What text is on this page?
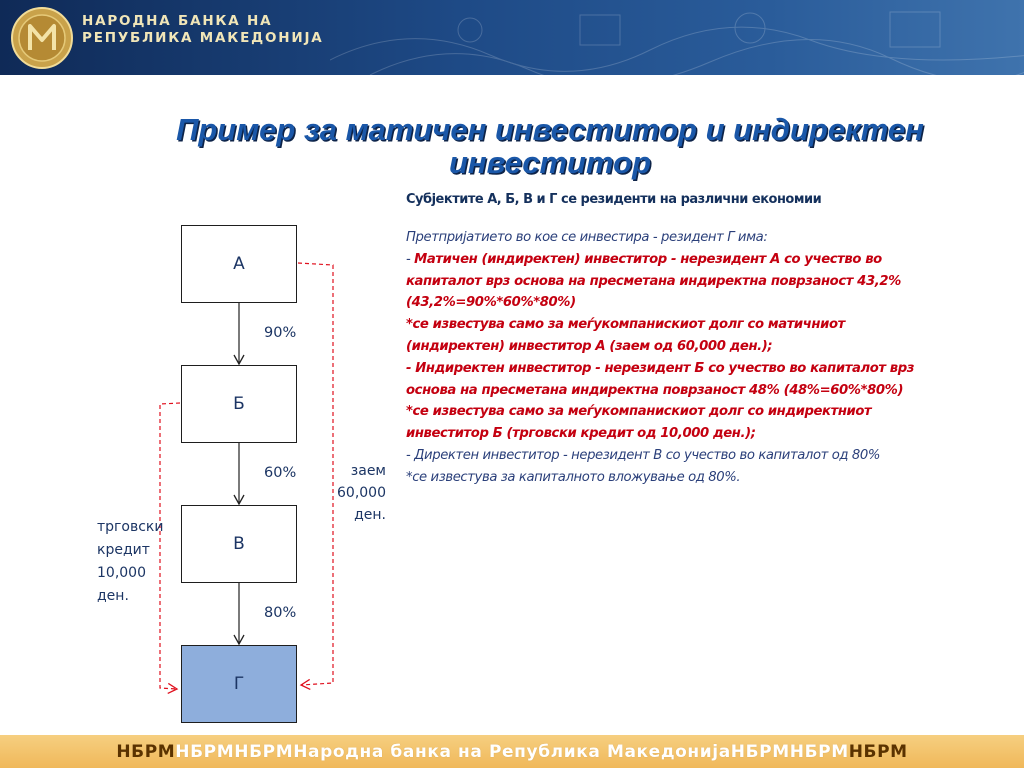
НАРОДНА БАНКА НА
РЕПУБЛИКА МАКЕДОНИЈА
Пример за матичен инвеститор и индиректен
инвеститор
Субјектите А, Б, В и Г се резиденти на различни економии
Претпријатието во кое се инвестира - резидент Г има:
- Матичен (индиректен) инвеститор - нерезидент А со учество во
капиталот врз основа на пресметана индиректна поврзаност 43,2%
(43,2%=90%*60%*80%)
*се известува само за меѓукомпанискиот долг со матичниот
(индиректен) инвеститор А (заем од 60,000 ден.);
- Индиректен инвеститор - нерезидент Б со учество во капиталот врз
основа на пресметана индиректна поврзаност 48% (48%=60%*80%)
*се известува само за меѓукомпанискиот долг со индиректниот
инвеститор Б (трговски кредит од 10,000 ден.);
- Директен инвеститор - нерезидент В со учество во капиталот од 80%
*се известува за капиталното вложување од 80%.
А
Б
В
Г
90%
60%
80%
заем
60,000
ден.
трговски
кредит
10,000
ден.
НБРМ НБРМ НБРМ Народна банка на Република Македонија НБРМ НБРМ НБРМ
